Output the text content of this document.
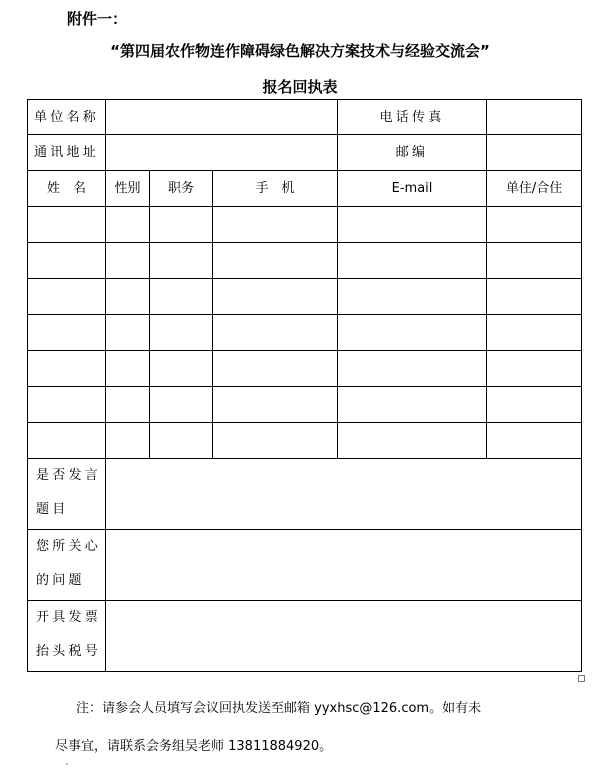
附件一：
“第四届农作物连作障碍绿色解决方案技术与经验交流会”
报名回执表
单位名称				电话传真	
通讯地址				邮编	
姓　名	性别	职务	手　机	E-mail	单住/合住

是否发言
题目					
您所关心
的问题					
开具发票
抬头税号					
注：请参会人员填写会议回执发送至邮箱 yyxhsc@126.com。如有未
尽事宜，请联系会务组吴老师 13811884920。
